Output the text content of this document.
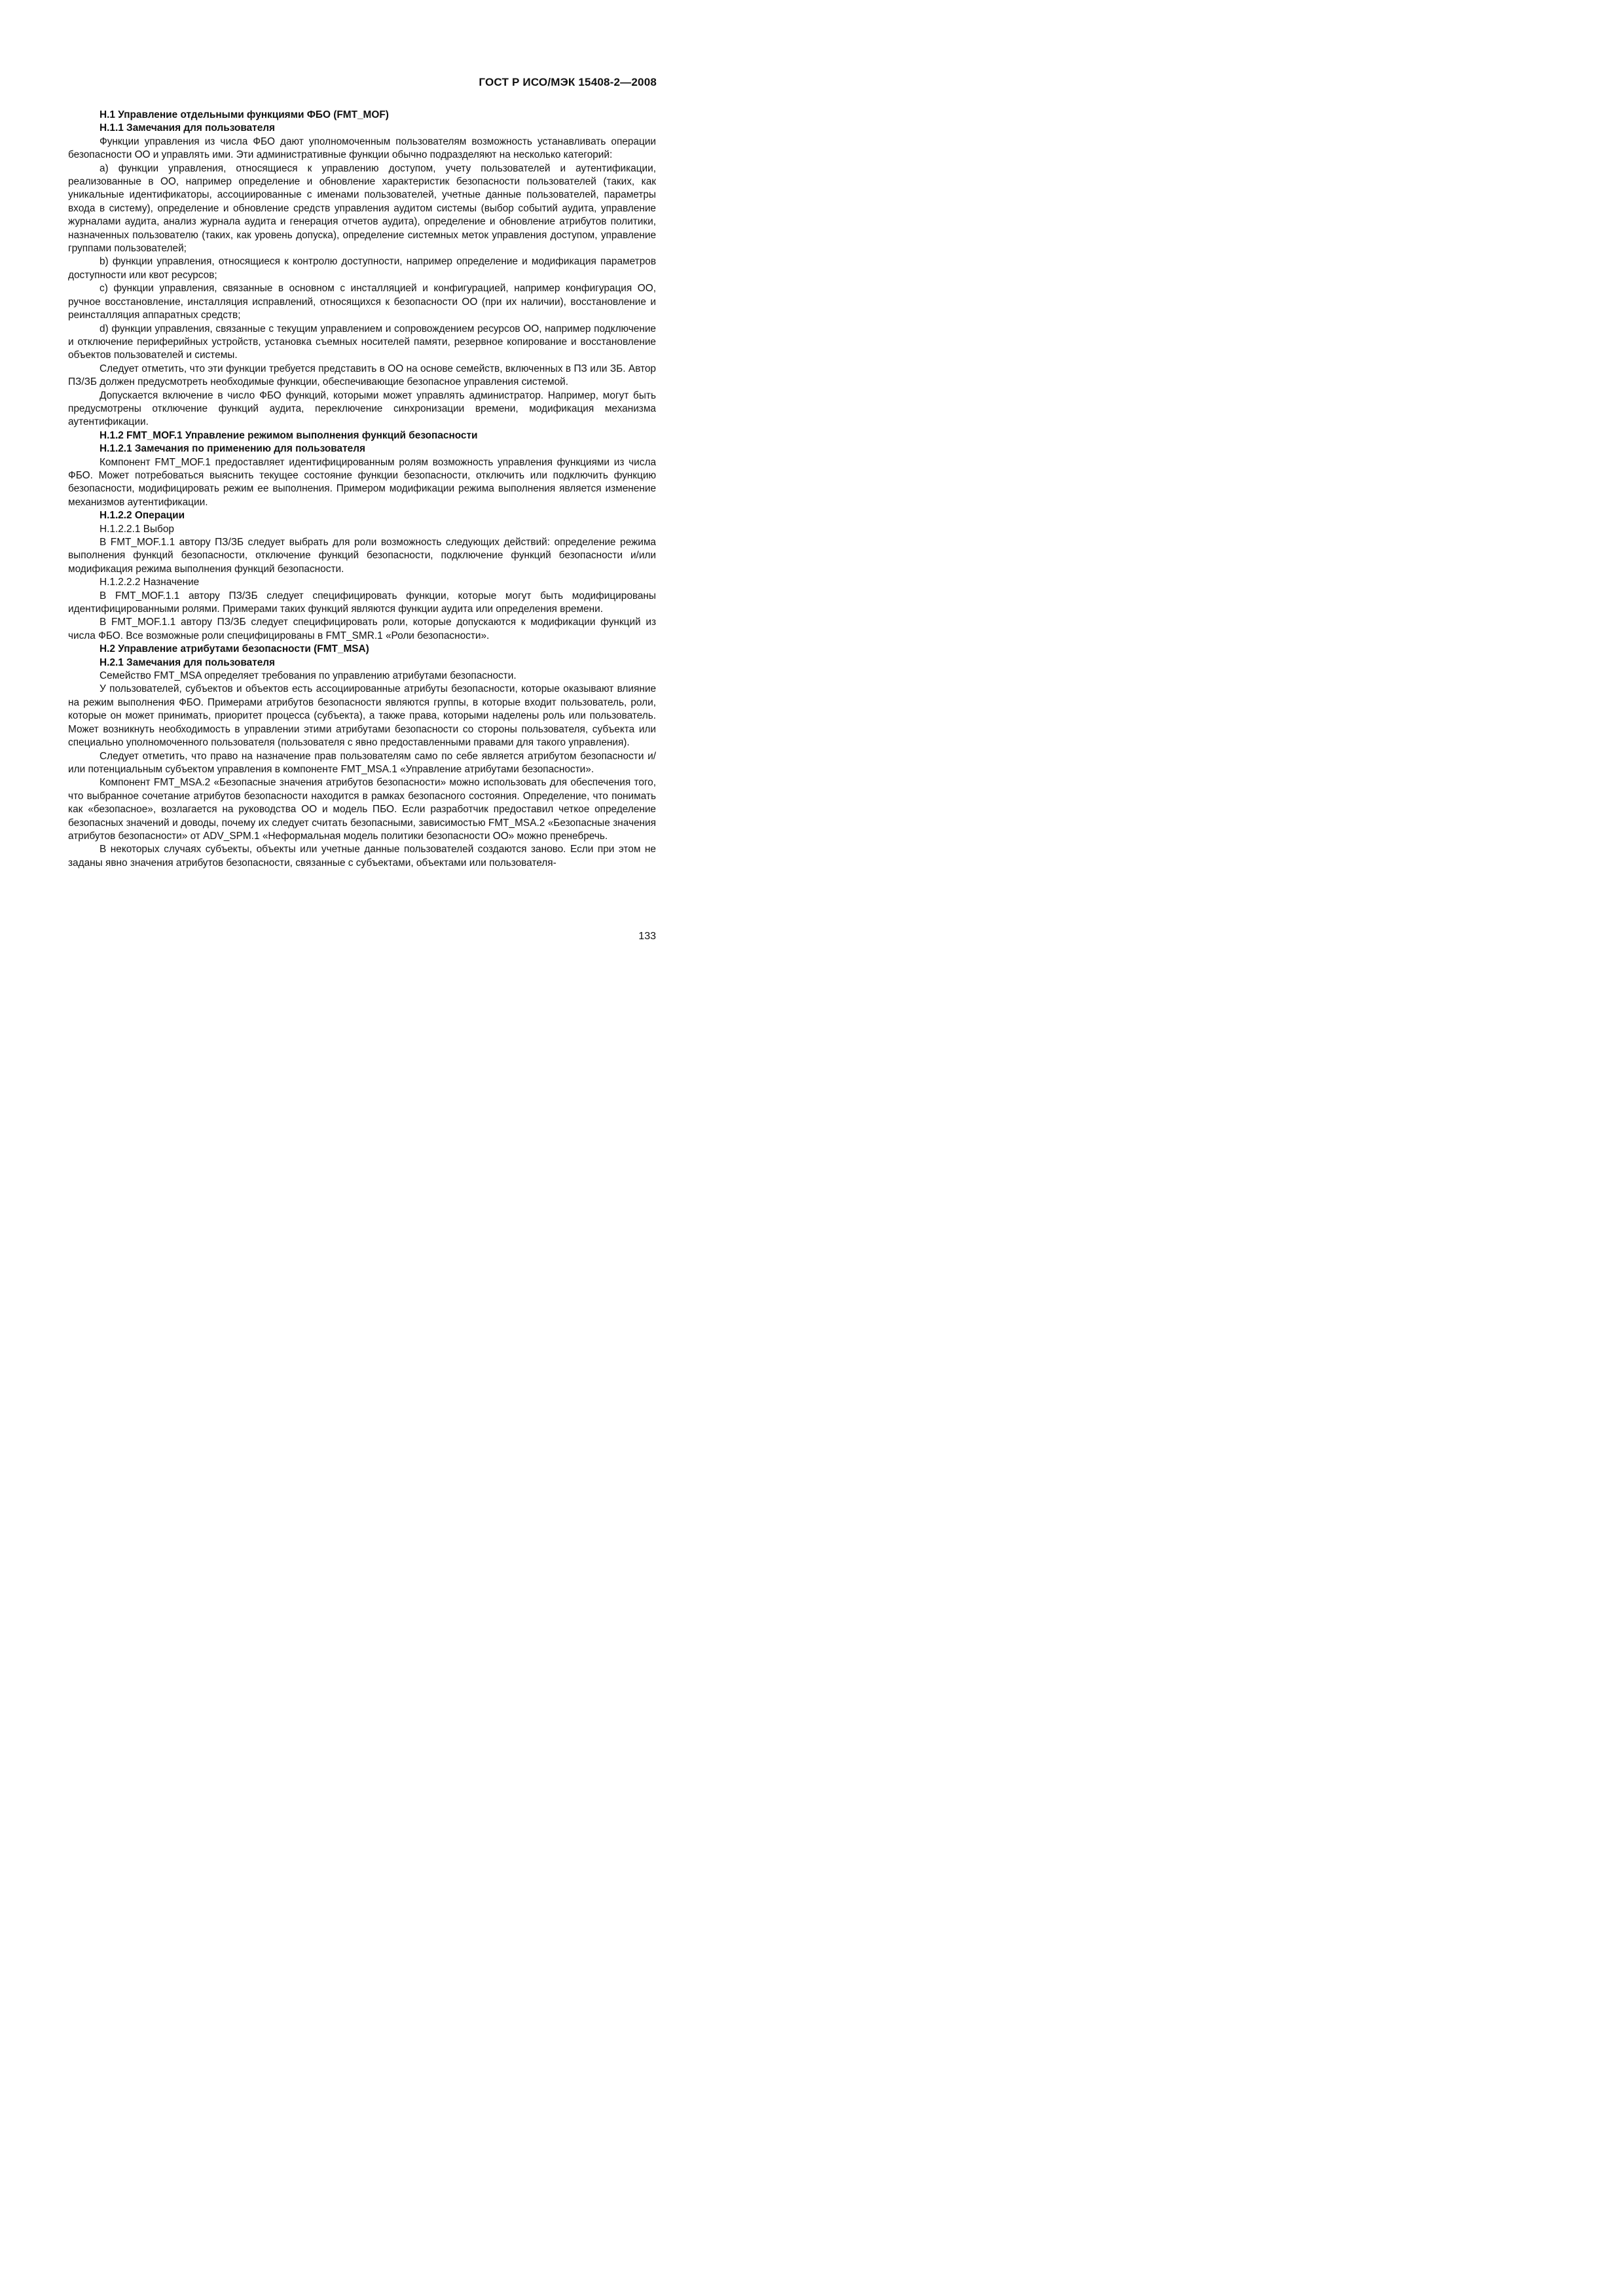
ГОСТ Р ИСО/МЭК 15408-2—2008

Н.1 Управление отдельными функциями ФБО (FMT_MOF)

Н.1.1 Замечания для пользователя

Функции управления из числа ФБО дают уполномоченным пользователям возможность устанавливать операции безопасности ОО и управлять ими. Эти административные функции обычно подразделяют на несколько категорий:

a) функции управления, относящиеся к управлению доступом, учету пользователей и аутентификации, реализованные в ОО, например определение и обновление характеристик безопасности пользователей (таких, как уникальные идентификаторы, ассоциированные с именами пользователей, учетные данные пользователей, параметры входа в систему), определение и обновление средств управления аудитом системы (выбор событий аудита, управление журналами аудита, анализ журнала аудита и генерация отчетов аудита), определение и обновление атрибутов политики, назначенных пользователю (таких, как уровень допуска), определение системных меток управления доступом, управление группами пользователей;

b) функции управления, относящиеся к контролю доступности, например определение и модификация параметров доступности или квот ресурсов;

c) функции управления, связанные в основном с инсталляцией и конфигурацией, например конфигурация ОО, ручное восстановление, инсталляция исправлений, относящихся к безопасности ОО (при их наличии), восстановление и реинсталляция аппаратных средств;

d) функции управления, связанные с текущим управлением и сопровождением ресурсов ОО, например подключение и отключение периферийных устройств, установка съемных носителей памяти, резервное копирование и восстановление объектов пользователей и системы.

Следует отметить, что эти функции требуется представить в ОО на основе семейств, включенных в ПЗ или ЗБ. Автор ПЗ/ЗБ должен предусмотреть необходимые функции, обеспечивающие безопасное управления системой.

Допускается включение в число ФБО функций, которыми может управлять администратор. Например, могут быть предусмотрены отключение функций аудита, переключение синхронизации времени, модификация механизма аутентификации.

Н.1.2 FMT_MOF.1 Управление режимом выполнения функций безопасности

Н.1.2.1 Замечания по применению для пользователя

Компонент FMT_MOF.1 предоставляет идентифицированным ролям возможность управления функциями из числа ФБО. Может потребоваться выяснить текущее состояние функции безопасности, отключить или подключить функцию безопасности, модифицировать режим ее выполнения. Примером модификации режима выполнения является изменение механизмов аутентификации.

Н.1.2.2 Операции

Н.1.2.2.1 Выбор

В FMT_MOF.1.1 автору ПЗ/ЗБ следует выбрать для роли возможность следующих действий: определение режима выполнения функций безопасности, отключение функций безопасности, подключение функций безопасности и/или модификация режима выполнения функций безопасности.

Н.1.2.2.2 Назначение

В FMT_MOF.1.1 автору ПЗ/ЗБ следует специфицировать функции, которые могут быть модифицированы идентифицированными ролями. Примерами таких функций являются функции аудита или определения времени.

В FMT_MOF.1.1 автору ПЗ/ЗБ следует специфицировать роли, которые допускаются к модификации функций из числа ФБО. Все возможные роли специфицированы в FMT_SMR.1 «Роли безопасности».

Н.2 Управление атрибутами безопасности (FMT_MSA)

Н.2.1 Замечания для пользователя

Семейство FMT_MSA определяет требования по управлению атрибутами безопасности.

У пользователей, субъектов и объектов есть ассоциированные атрибуты безопасности, которые оказывают влияние на режим выполнения ФБО. Примерами атрибутов безопасности являются группы, в которые входит пользователь, роли, которые он может принимать, приоритет процесса (субъекта), а также права, которыми наделены роль или пользователь. Может возникнуть необходимость в управлении этими атрибутами безопасности со стороны пользователя, субъекта или специально уполномоченного пользователя (пользователя с явно предоставленными правами для такого управления).

Следует отметить, что право на назначение прав пользователям само по себе является атрибутом безопасности и/или потенциальным субъектом управления в компоненте FMT_MSA.1 «Управление атрибутами безопасности».

Компонент FMT_MSA.2 «Безопасные значения атрибутов безопасности» можно использовать для обеспечения того, что выбранное сочетание атрибутов безопасности находится в рамках безопасного состояния. Определение, что понимать как «безопасное», возлагается на руководства ОО и модель ПБО. Если разработчик предоставил четкое определение безопасных значений и доводы, почему их следует считать безопасными, зависимостью FMT_MSA.2 «Безопасные значения атрибутов безопасности» от ADV_SPM.1 «Неформальная модель политики безопасности ОО» можно пренебречь.

В некоторых случаях субъекты, объекты или учетные данные пользователей создаются заново. Если при этом не заданы явно значения атрибутов безопасности, связанные с субъектами, объектами или пользователя-

133
